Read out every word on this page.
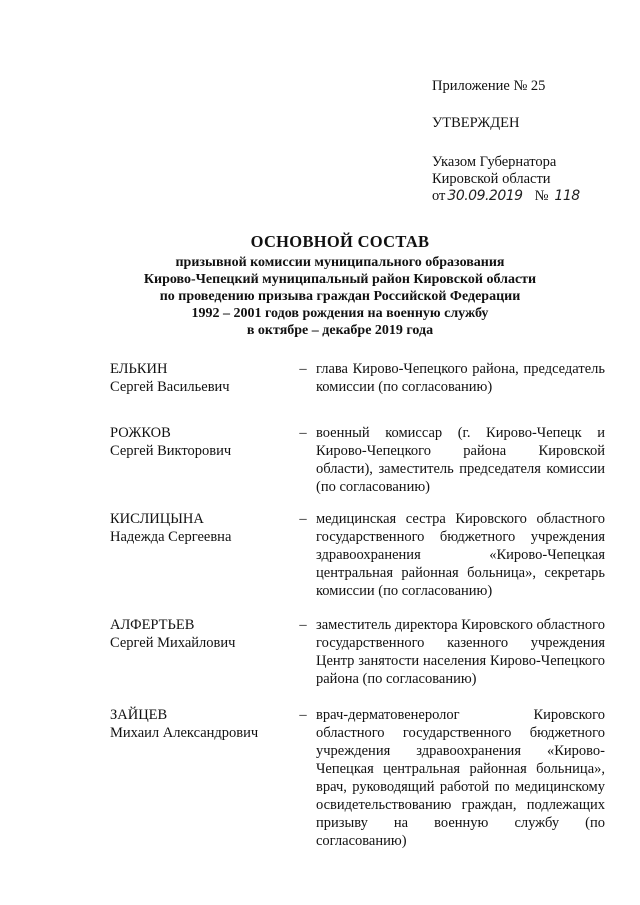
Приложение № 25
УТВЕРЖДЕН
Указом Губернатора
Кировской области
от 30.09.2019 № 118
ОСНОВНОЙ СОСТАВ
призывной комиссии муниципального образования
Кирово-Чепецкий муниципальный район Кировской области
по проведению призыва граждан Российской Федерации
1992 – 2001 годов рождения на военную службу
в октябре – декабре 2019 года
ЕЛЬКИН
Сергей Васильевич
– глава Кирово-Чепецкого района, председатель комиссии (по согласованию)
РОЖКОВ
Сергей Викторович
– военный комиссар (г. Кирово-Чепецк и Кирово-Чепецкого района Кировской области), заместитель председателя комиссии (по согласованию)
КИСЛИЦЫНА
Надежда Сергеевна
– медицинская сестра Кировского областного государственного бюджетного учреждения здравоохранения «Кирово-Чепецкая центральная районная больница», секретарь комиссии (по согласованию)
АЛФЕРТЬЕВ
Сергей Михайлович
– заместитель директора Кировского областного государственного казенного учреждения Центр занятости населения Кирово-Чепецкого района (по согласованию)
ЗАЙЦЕВ
Михаил Александрович
– врач-дерматовенеролог Кировского областного государственного бюджетного учреждения здравоохранения «Кирово-Чепецкая центральная районная больница», врач, руководящий работой по медицинскому освидетельствованию граждан, подлежащих призыву на военную службу (по согласованию)
